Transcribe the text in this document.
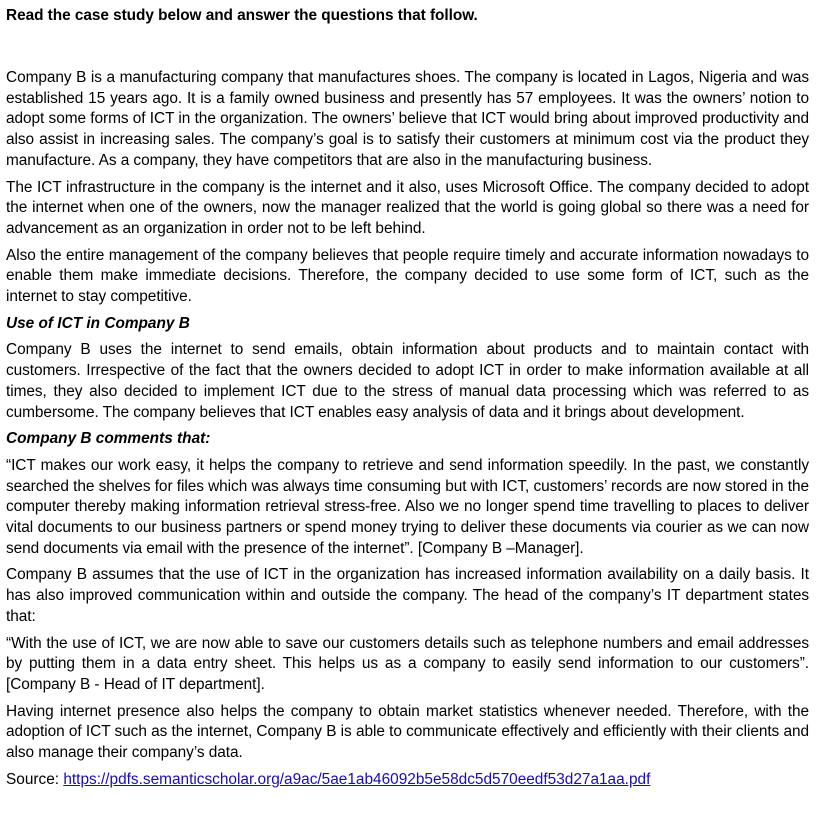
Read the case study below and answer the questions that follow.

Company B is a manufacturing company that manufactures shoes. The company is located in Lagos, Nigeria and was established 15 years ago. It is a family owned business and presently has 57 employees. It was the owners’ notion to adopt some forms of ICT in the organization. The owners’ believe that ICT would bring about improved productivity and also assist in increasing sales. The company’s goal is to satisfy their customers at minimum cost via the product they manufacture. As a company, they have competitors that are also in the manufacturing business.

The ICT infrastructure in the company is the internet and it also, uses Microsoft Office. The company decided to adopt the internet when one of the owners, now the manager realized that the world is going global so there was a need for advancement as an organization in order not to be left behind.

Also the entire management of the company believes that people require timely and accurate information nowadays to enable them make immediate decisions. Therefore, the company decided to use some form of ICT, such as the internet to stay competitive.

Use of ICT in Company B

Company B uses the internet to send emails, obtain information about products and to maintain contact with customers. Irrespective of the fact that the owners decided to adopt ICT in order to make information available at all times, they also decided to implement ICT due to the stress of manual data processing which was referred to as cumbersome. The company believes that ICT enables easy analysis of data and it brings about development.

Company B comments that:

“ICT makes our work easy, it helps the company to retrieve and send information speedily. In the past, we constantly searched the shelves for files which was always time consuming but with ICT, customers’ records are now stored in the computer thereby making information retrieval stress-free. Also we no longer spend time travelling to places to deliver vital documents to our business partners or spend money trying to deliver these documents via courier as we can now send documents via email with the presence of the internet”. [Company B –Manager].

Company B assumes that the use of ICT in the organization has increased information availability on a daily basis. It has also improved communication within and outside the company. The head of the company’s IT department states that:

“With the use of ICT, we are now able to save our customers details such as telephone numbers and email addresses by putting them in a data entry sheet. This helps us as a company to easily send information to our customers”. [Company B - Head of IT department].

Having internet presence also helps the company to obtain market statistics whenever needed. Therefore, with the adoption of ICT such as the internet, Company B is able to communicate effectively and efficiently with their clients and also manage their company’s data.

Source: https://pdfs.semanticscholar.org/a9ac/5ae1ab46092b5e58dc5d570eedf53d27a1aa.pdf
